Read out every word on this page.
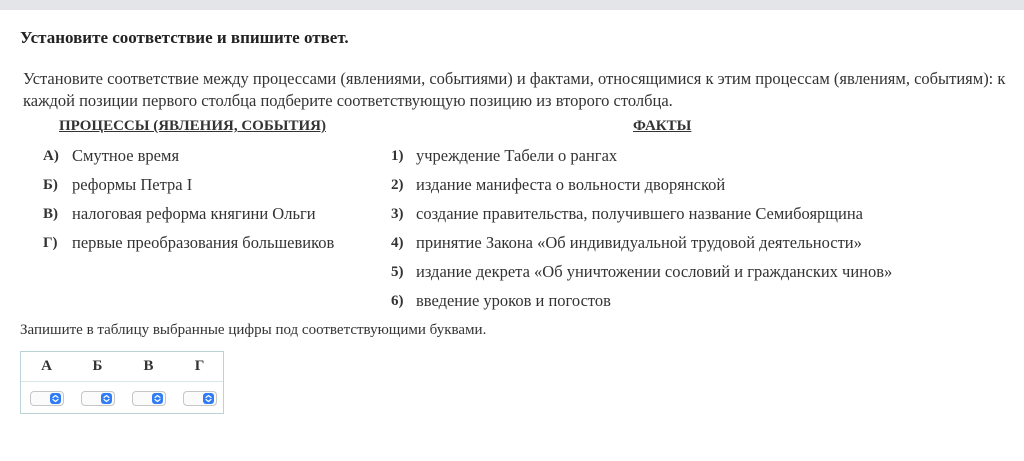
Установите соответствие и впишите ответ.
Установите соответствие между процессами (явлениями, событиями) и фактами, относящимися к этим процессам (явлениям, событиям): к каждой позиции первого столбца подберите соответствующую позицию из второго столбца.
ПРОЦЕССЫ (ЯВЛЕНИЯ, СОБЫТИЯ)	ФАКТЫ
А) Смутное время
Б) реформы Петра I
В) налоговая реформа княгини Ольги
Г) первые преобразования большевиков
1) учреждение Табели о рангах
2) издание манифеста о вольности дворянской
3) создание правительства, получившего название Семибоярщина
4) принятие Закона «Об индивидуальной трудовой деятельности»
5) издание декрета «Об уничтожении сословий и гражданских чинов»
6) введение уроков и погостов
Запишите в таблицу выбранные цифры под соответствующими буквами.
А	Б	В	Г
